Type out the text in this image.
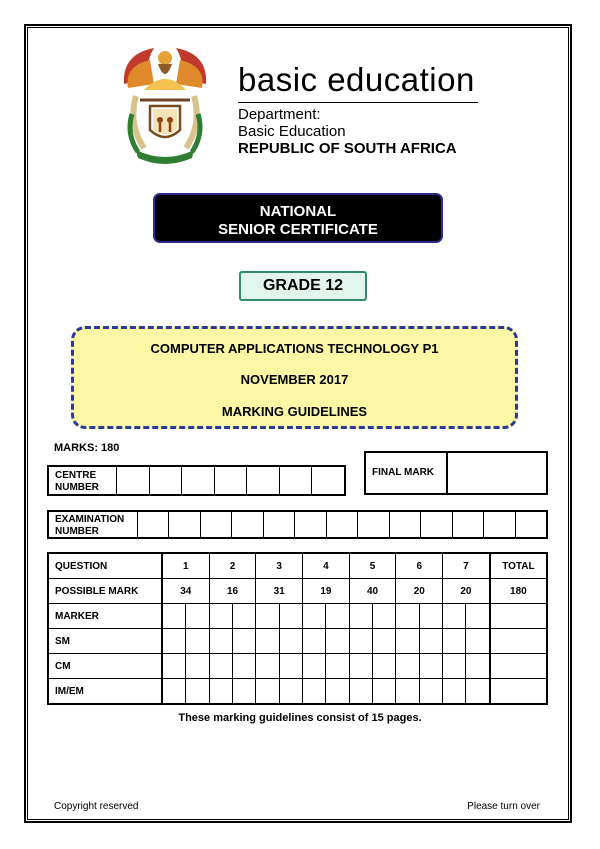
basic education
Department:
Basic Education
REPUBLIC OF SOUTH AFRICA
NATIONAL
SENIOR CERTIFICATE
GRADE 12
COMPUTER APPLICATIONS TECHNOLOGY P1
NOVEMBER 2017
MARKING GUIDELINES
MARKS: 180
CENTRE
NUMBER
FINAL MARK
EXAMINATION
NUMBER
QUESTION	1		2		3		4		5		6		7		TOTAL
POSSIBLE MARK	34		16		31		19		40		20		20		180
MARKER															
SM															
CM															
IM/EM															
These marking guidelines consist of 15 pages.
Copyright reserved	Please turn over
